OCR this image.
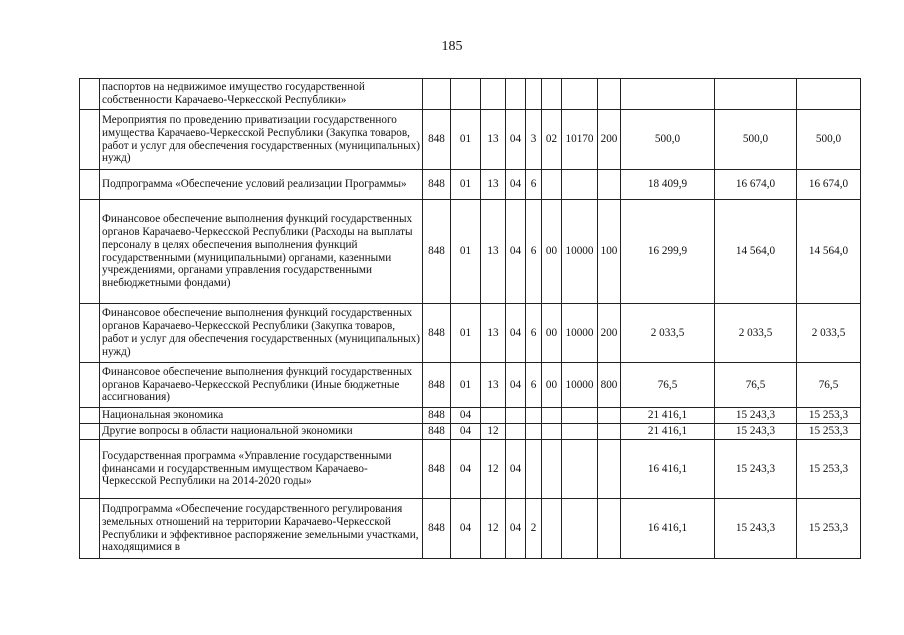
185
	паспортов на недвижимое имущество государственной собственности Карачаево-Черкесской Республики»											
	Мероприятия по проведению приватизации государственного имущества Карачаево-Черкесской Республики (Закупка товаров, работ и услуг для обеспечения государственных (муниципальных) нужд)	848	01	13	04	3	02	10170	200	500,0	500,0	500,0
	Подпрограмма «Обеспечение условий реализации Программы»	848	01	13	04	6				18 409,9	16 674,0	16 674,0
	Финансовое обеспечение выполнения функций государственных органов Карачаево-Черкесской Республики (Расходы на выплаты персоналу в целях обеспечения выполнения функций государственными (муниципальными) органами, казенными учреждениями, органами управления государственными внебюджетными фондами)	848	01	13	04	6	00	10000	100	16 299,9	14 564,0	14 564,0
	Финансовое обеспечение выполнения функций государственных органов Карачаево-Черкесской Республики (Закупка товаров, работ и услуг для обеспечения государственных (муниципальных) нужд)	848	01	13	04	6	00	10000	200	2 033,5	2 033,5	2 033,5
	Финансовое обеспечение выполнения функций государственных органов Карачаево-Черкесской Республики (Иные бюджетные ассигнования)	848	01	13	04	6	00	10000	800	76,5	76,5	76,5
	Национальная экономика	848	04							21 416,1	15 243,3	15 253,3
	Другие вопросы в области национальной экономики	848	04	12						21 416,1	15 243,3	15 253,3
	Государственная программа «Управление государственными финансами и государственным имуществом Карачаево-Черкесской Республики на 2014-2020 годы»	848	04	12	04					16 416,1	15 243,3	15 253,3
	Подпрограмма «Обеспечение государственного регулирования земельных отношений на территории Карачаево-Черкесской Республики и эффективное распоряжение земельными участками, находящимися в	848	04	12	04	2				16 416,1	15 243,3	15 253,3
